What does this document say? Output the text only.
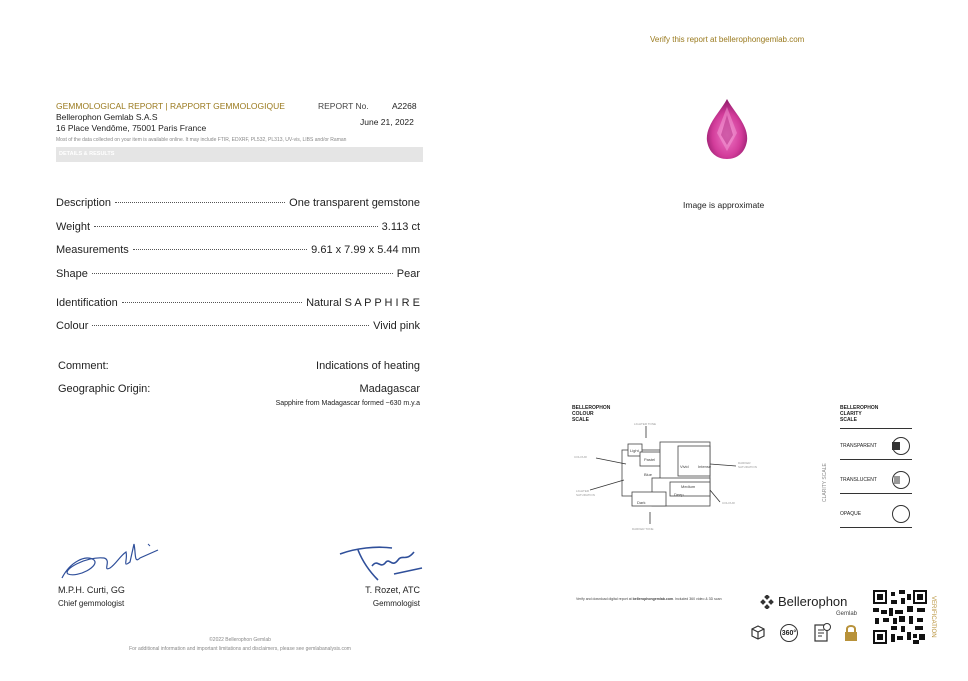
Verify this report at bellerophongemlab.com
GEMMOLOGICAL REPORT | RAPPORT GEMMOLOGIQUE	REPORT No.	A2268
Bellerophon Gemlab S.A.S
16 Place Vendôme, 75001 Paris France
June 21, 2022
Most of the data collected on your item is available online. It may include FTIR, EDXRF, PL532, PL313, UV-vis, LIBS and/or Raman
DETAILS & RESULTS
Description	One transparent gemstone
Weight	3.113 ct
Measurements	9.61 x 7.99 x 5.44 mm
Shape	Pear
Identification	Natural S A P P H I R E
Colour	Vivid pink
Comment:	Indications of heating
Geographic Origin:	Madagascar
Sapphire from Madagascar formed ~630 m.y.a
Image is approximate
BELLEROPHON
COLOUR
SCALE
Light
Pastel
Vivid Intense
Deep
Dark
Blue
Medium
LIGHTER TONE
COLOUR
LIGHTER
SATURATION
DARKER
SATURATION
COLOUR
DARKER TONE
BELLEROPHON
CLARITY
SCALE
CLARITY SCALE
TRANSPARENT
TRANSLUCENT
OPAQUE
M.P.H. Curti, GG
Chief gemmologist
T. Rozet, ATC
Gemmologist
©2022 Bellerophon Gemlab
For additional information and important limitations and disclaimers, please see gemlabanalysis.com
Verify and download digital report at bellerophongemlab.com. Included 360 video & 3D scan	Bellerophon
Gemlab
360°	VERIFICATION
